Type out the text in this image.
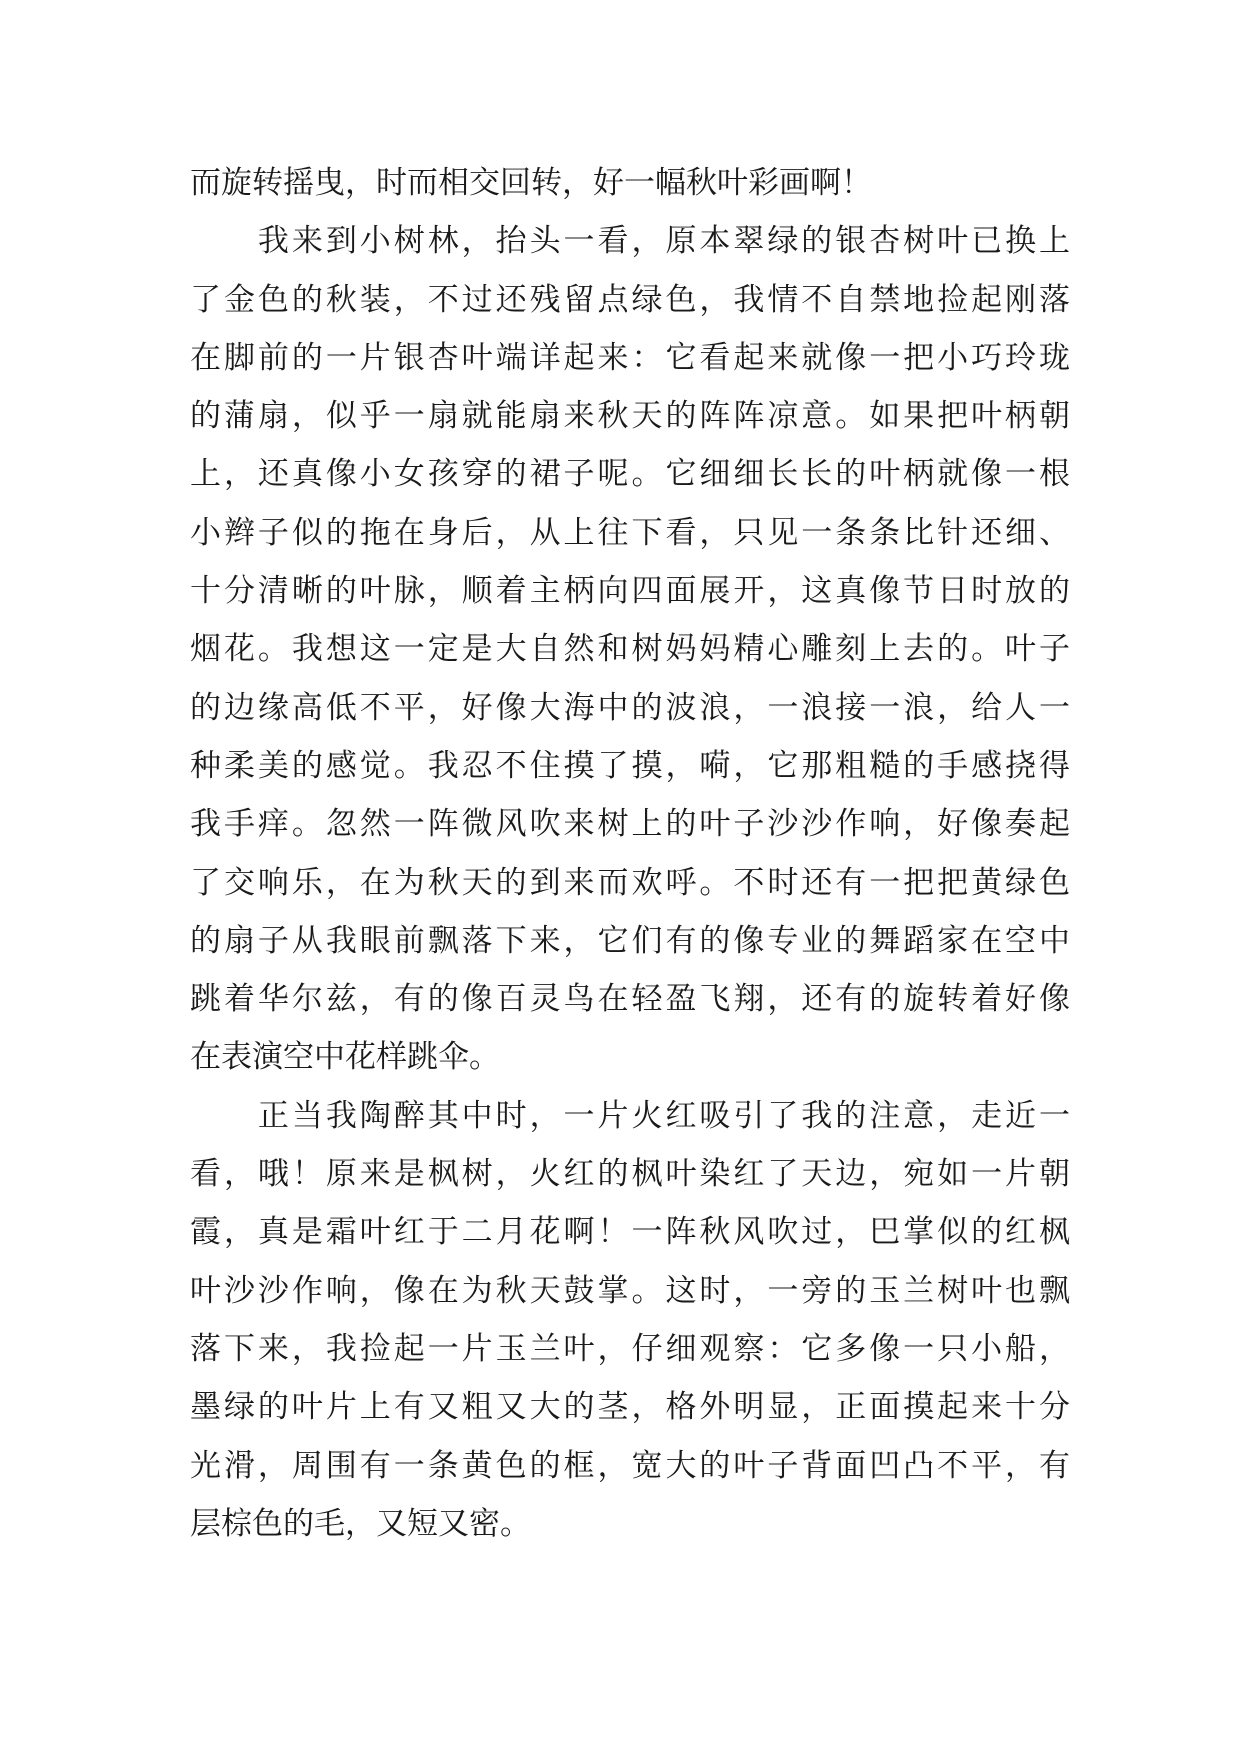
而旋转摇曳，时而相交回转，好一幅秋叶彩画啊！
　　我来到小树林，抬头一看，原本翠绿的银杏树叶已换上
了金色的秋装，不过还残留点绿色，我情不自禁地捡起刚落
在脚前的一片银杏叶端详起来：它看起来就像一把小巧玲珑
的蒲扇，似乎一扇就能扇来秋天的阵阵凉意。如果把叶柄朝
上，还真像小女孩穿的裙子呢。它细细长长的叶柄就像一根
小辫子似的拖在身后，从上往下看，只见一条条比针还细、
十分清晰的叶脉，顺着主柄向四面展开，这真像节日时放的
烟花。我想这一定是大自然和树妈妈精心雕刻上去的。叶子
的边缘高低不平，好像大海中的波浪，一浪接一浪，给人一
种柔美的感觉。我忍不住摸了摸，嗬，它那粗糙的手感挠得
我手痒。忽然一阵微风吹来树上的叶子沙沙作响，好像奏起
了交响乐，在为秋天的到来而欢呼。不时还有一把把黄绿色
的扇子从我眼前飘落下来，它们有的像专业的舞蹈家在空中
跳着华尔兹，有的像百灵鸟在轻盈飞翔，还有的旋转着好像
在表演空中花样跳伞。
　　正当我陶醉其中时，一片火红吸引了我的注意，走近一
看，哦！原来是枫树，火红的枫叶染红了天边，宛如一片朝
霞，真是霜叶红于二月花啊！一阵秋风吹过，巴掌似的红枫
叶沙沙作响，像在为秋天鼓掌。这时，一旁的玉兰树叶也飘
落下来，我捡起一片玉兰叶，仔细观察：它多像一只小船，
墨绿的叶片上有又粗又大的茎，格外明显，正面摸起来十分
光滑，周围有一条黄色的框，宽大的叶子背面凹凸不平，有
层棕色的毛，又短又密。
